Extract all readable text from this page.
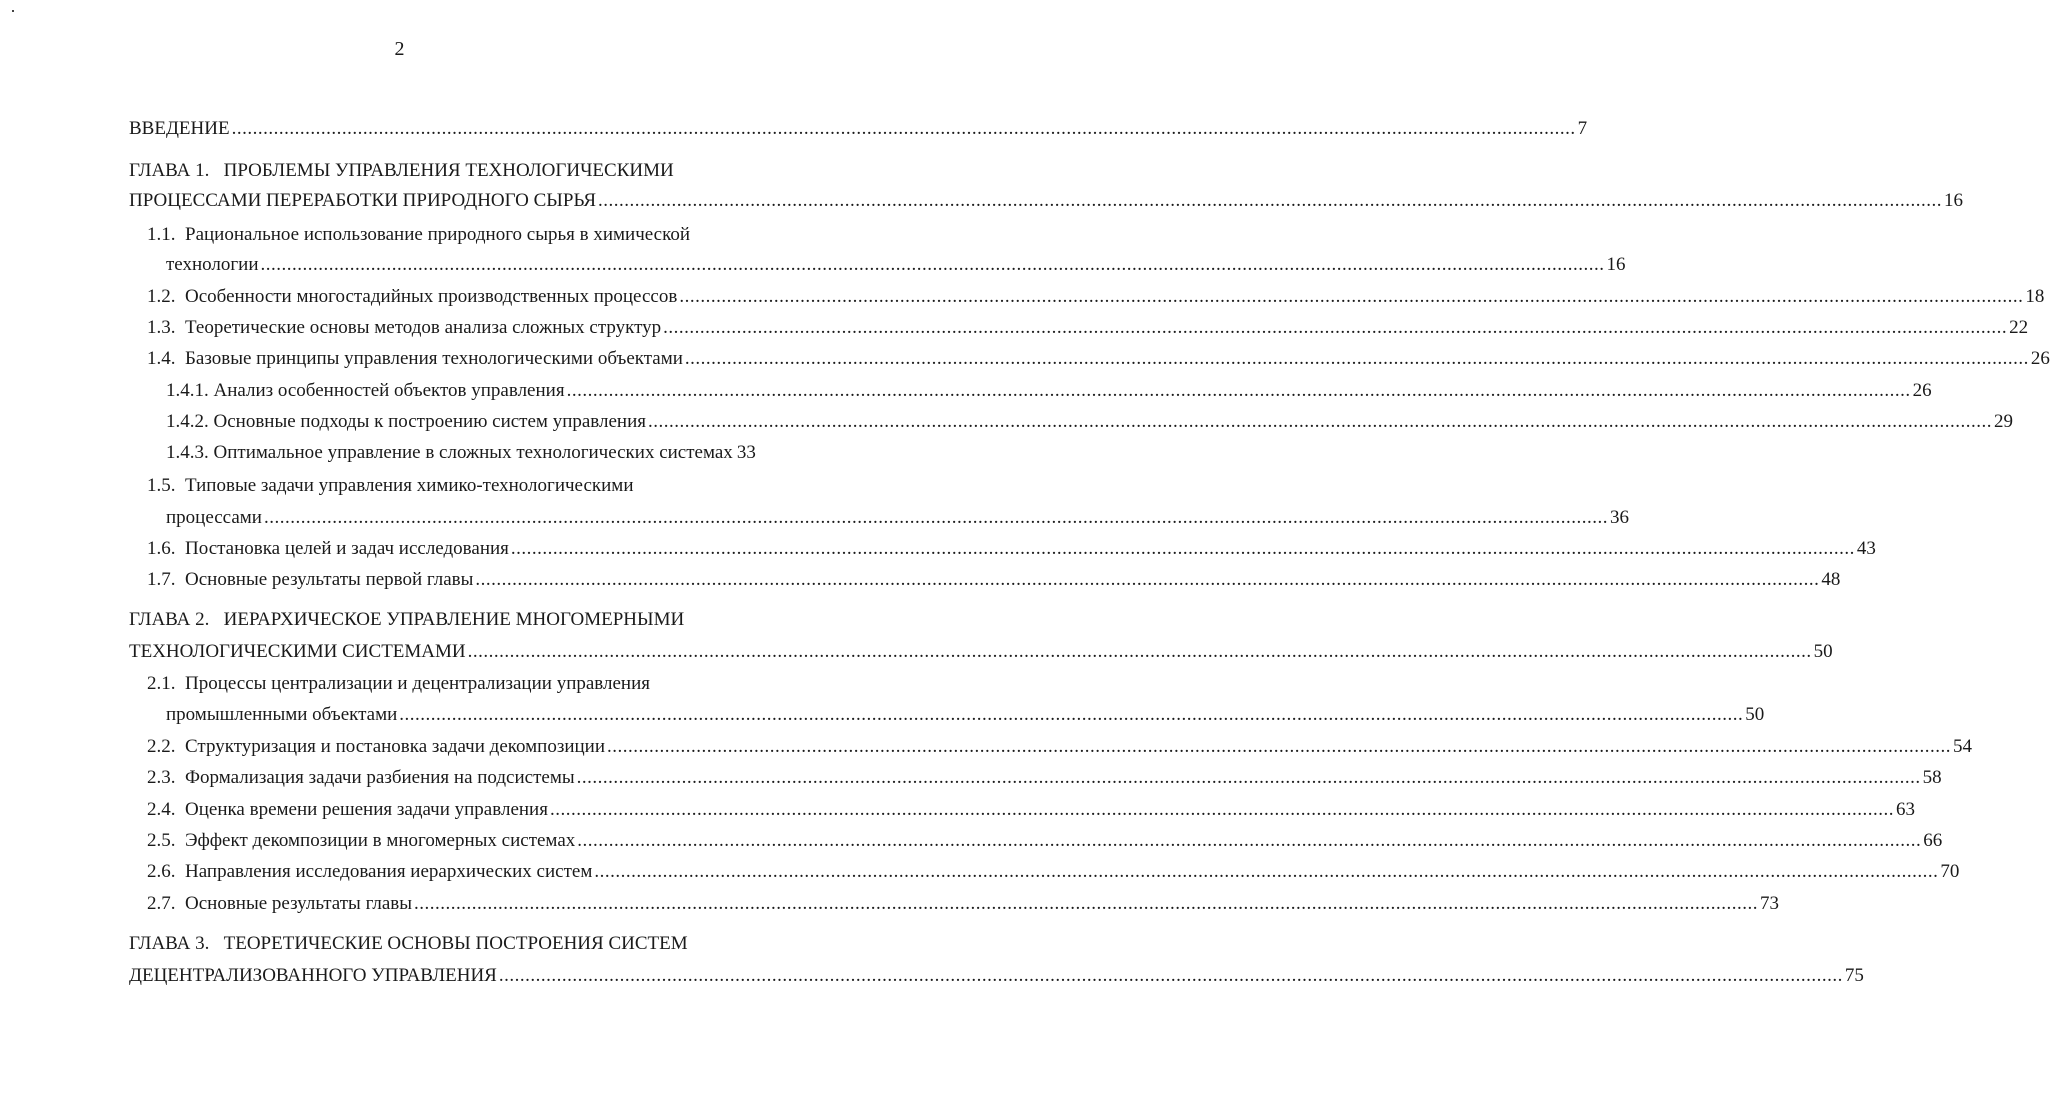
2
ВВЕДЕНИЕ .....	7
ГЛАВА 1. ПРОБЛЕМЫ УПРАВЛЕНИЯ ТЕХНОЛОГИЧЕСКИМИ
ПРОЦЕССАМИ ПЕРЕРАБОТКИ ПРИРОДНОГО СЫРЬЯ .....	16
1.1. Рациональное использование природного сырья в химической
технологии .....	16
1.2. Особенности многостадийных производственных процессов .....	18
1.3. Теоретические основы методов анализа сложных структур .....	22
1.4. Базовые принципы управления технологическими объектами .....	26
1.4.1. Анализ особенностей объектов управления .....	26
1.4.2. Основные подходы к построению систем управления .....	29
1.4.3. Оптимальное управление в сложных технологических системах 33
1.5. Типовые задачи управления химико-технологическими
процессами .....	36
1.6. Постановка целей и задач исследования .....	43
1.7. Основные результаты первой главы .....	48
ГЛАВА 2. ИЕРАРХИЧЕСКОЕ УПРАВЛЕНИЕ МНОГОМЕРНЫМИ
ТЕХНОЛОГИЧЕСКИМИ СИСТЕМАМИ .....	50
2.1. Процессы централизации и децентрализации управления
промышленными объектами .....	50
2.2. Структуризация и постановка задачи декомпозиции .....	54
2.3. Формализация задачи разбиения на подсистемы .....	58
2.4. Оценка времени решения задачи управления .....	63
2.5. Эффект декомпозиции в многомерных системах .....	66
2.6. Направления исследования иерархических систем .....	70
2.7. Основные результаты главы .....	73
ГЛАВА 3. ТЕОРЕТИЧЕСКИЕ ОСНОВЫ ПОСТРОЕНИЯ СИСТЕМ
ДЕЦЕНТРАЛИЗОВАННОГО УПРАВЛЕНИЯ .....	75
